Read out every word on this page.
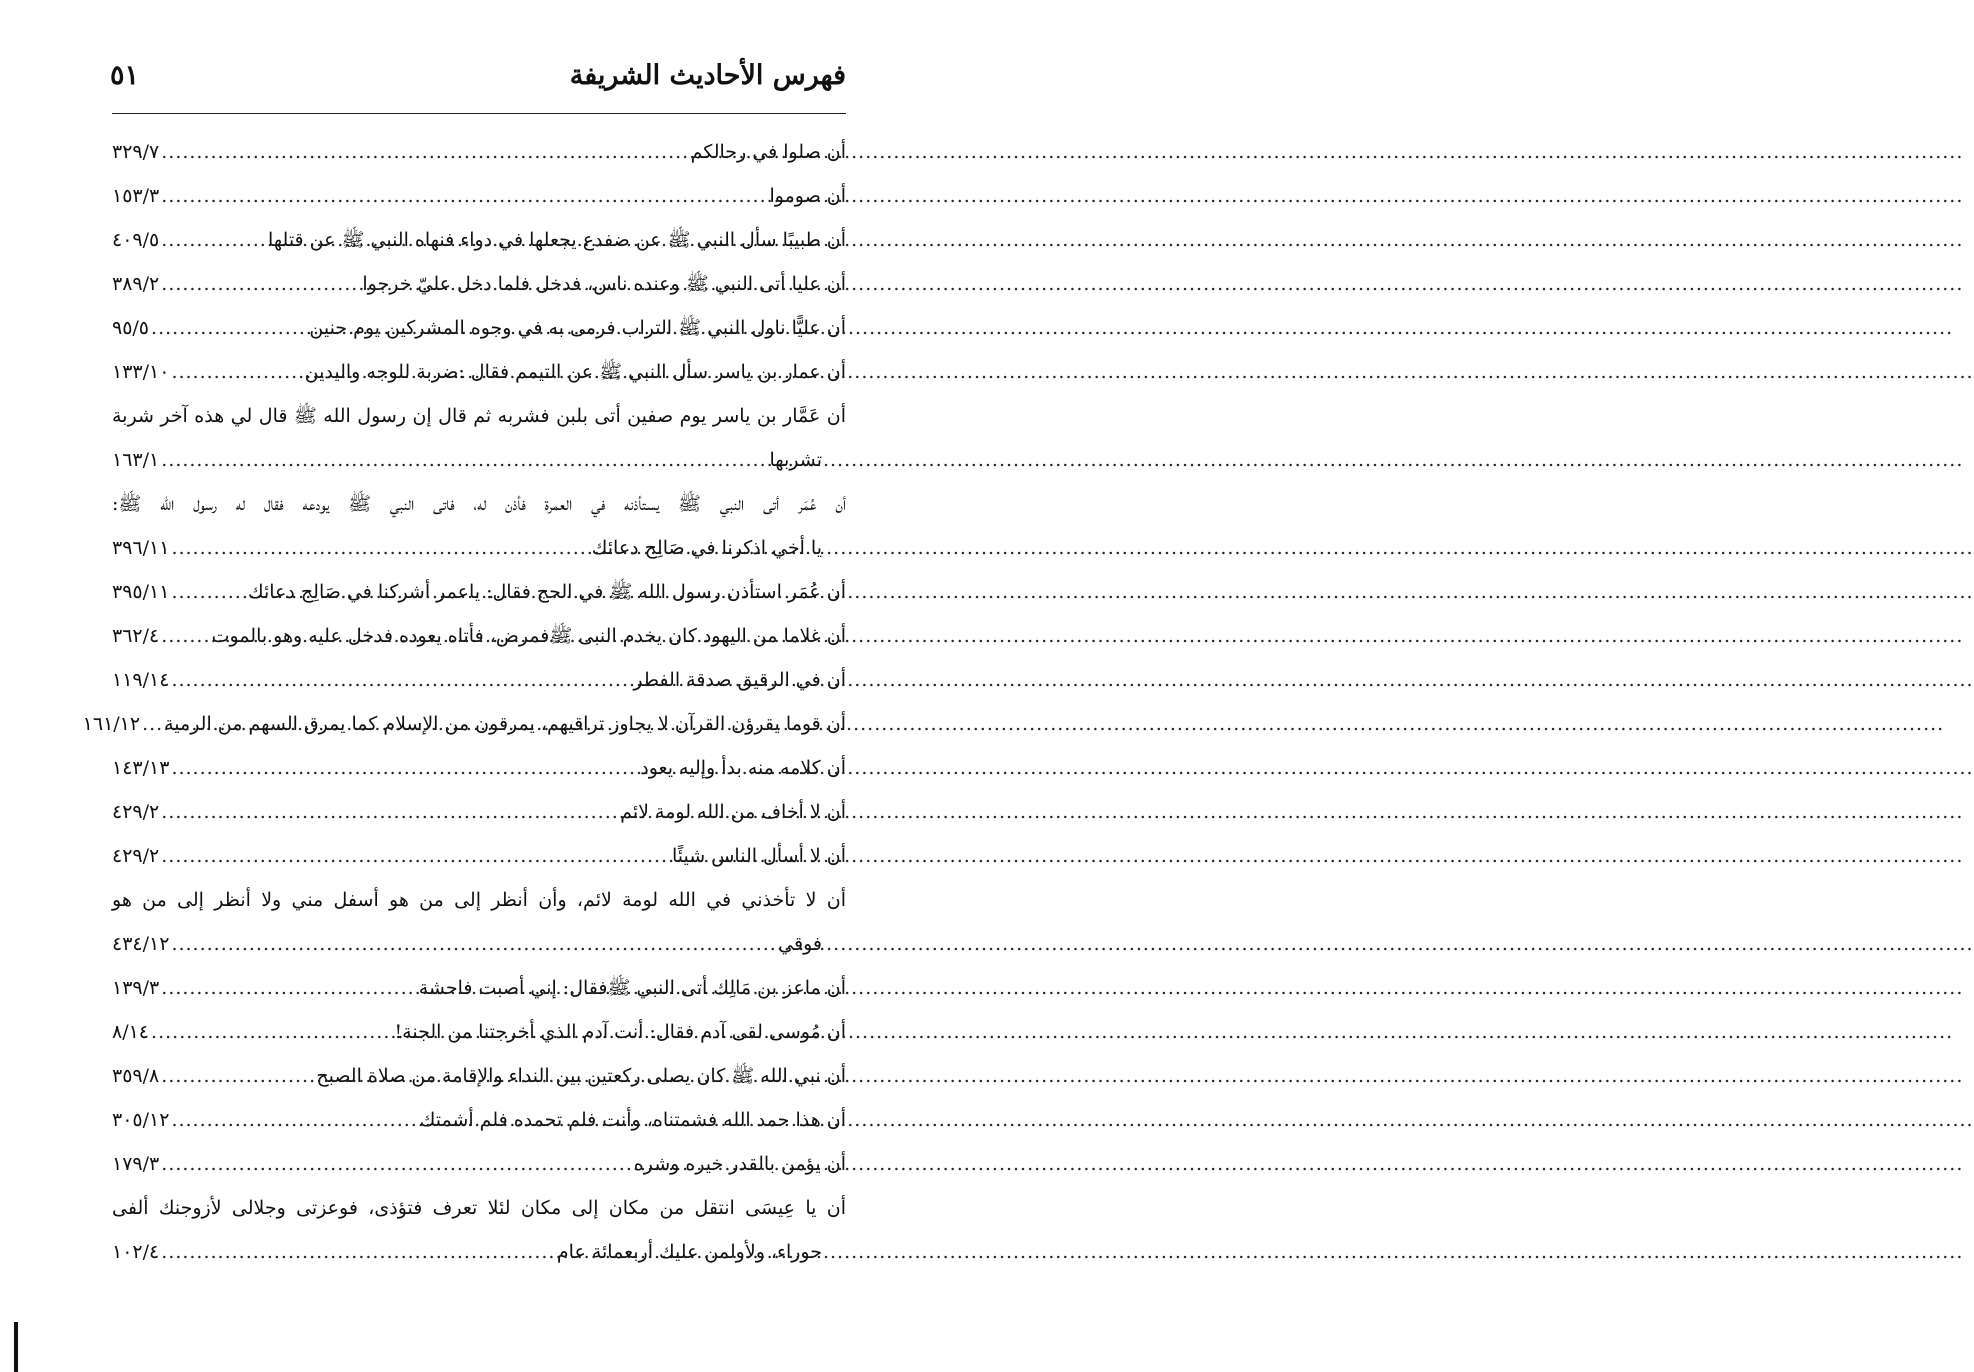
فهرس الأحاديث الشريفة
٥١
أن صلوا في رحالكم
.....
٣٢٩/٧
أن صوموا
.....
١٥٣/٣
أن طبيبًا سأل النبي ﷺ عن ضفدع يجعلها في دواء فنهاه النبي ﷺ عن قتلها
.....
٤٠٩/٥
أن عليا أتى النبي ﷺ وعنده ناس، فدخل فلما دخل عليّ خرجوا
.....
٣٨٩/٢
أن عليًّا ناول النبي ﷺ التراب فرمى به في وجوه المشركين يوم حنين
.....
٩٥/٥
أن عمار بن ياسر سأل النبي ﷺ عن التيمم فقال :ضربة للوجه واليدين
.....
١٣٣/١٠
أن عَمَّار بن ياسر يوم صفين أتى بلبن فشربه ثم قال إن رسول الله ﷺ قال لي هذه آخر شربة
تشربها
.....
١٦٣/١
أن عُمَر أتى النبي ﷺ يستأذنه في العمرة فأذن له، فاتى النبي ﷺ يودعه فقال له رسول الله ﷺ:
يا أخي اذكرنا في صَالِح دعائك
.....
٣٩٦/١١
أن عُمَر استأذن رسول الله ﷺ في الحج فقال: ياعمر أشركنا في صَالِح دعائك
.....
٣٩٥/١١
أن غلاما من اليهود كان يخدم النبى ﷺفمرض، فأتاه يعوده فدخل عليه وهو بالموت
.....
٣٦٢/٤
أن في الرقيق صدقة الفطر
.....
١١٩/١٤
أن قوما يقرؤن القرآن لا يجاوز تراقيهم، يمرقون من الإسلام كما يمرق السهم من الرمية
.....
١٦١/١٢
أن كلامه منه بدأ وإليه يعود
.....
١٤٣/١٣
أن لا أخاف من الله لومة لائم
.....
٤٢٩/٢
أن لا أسأل الناس شيئًا
.....
٤٢٩/٢
أن لا تأخذني في الله لومة لائم، وأن أنظر إلى من هو أسفل مني ولا أنظر إلى من هو
فوقي
.....
٤٣٤/١٢
أن ماعز بن مَالِك أتى النبي ﷺفقال: إني أصبت فاحشة
.....
١٣٩/٣
أن مُوسى لقى آدم فقال: أنت آدم الذي أخرجتنا من الجنة!
.....
٨/١٤
أن نبي الله ﷺ كان يصلى ركعتين بين النداء والإقامة من صلاة الصبح
.....
٣٥٩/٨
أن هذا حمد الله فشمتناه، وأنت فلم تحمده فلم أشمتك
.....
٣٠٥/١٢
أن يؤمن بالقدر خيره وشره
.....
١٧٩/٣
أن يا عِيسَى انتقل من مكان إلى مكان لئلا تعرف فتؤذى، فوعزتى وجلالى لأزوجنك ألفى
حوراء، ولأولمن عليك أربعمائة عام
.....
١٠٢/٤
